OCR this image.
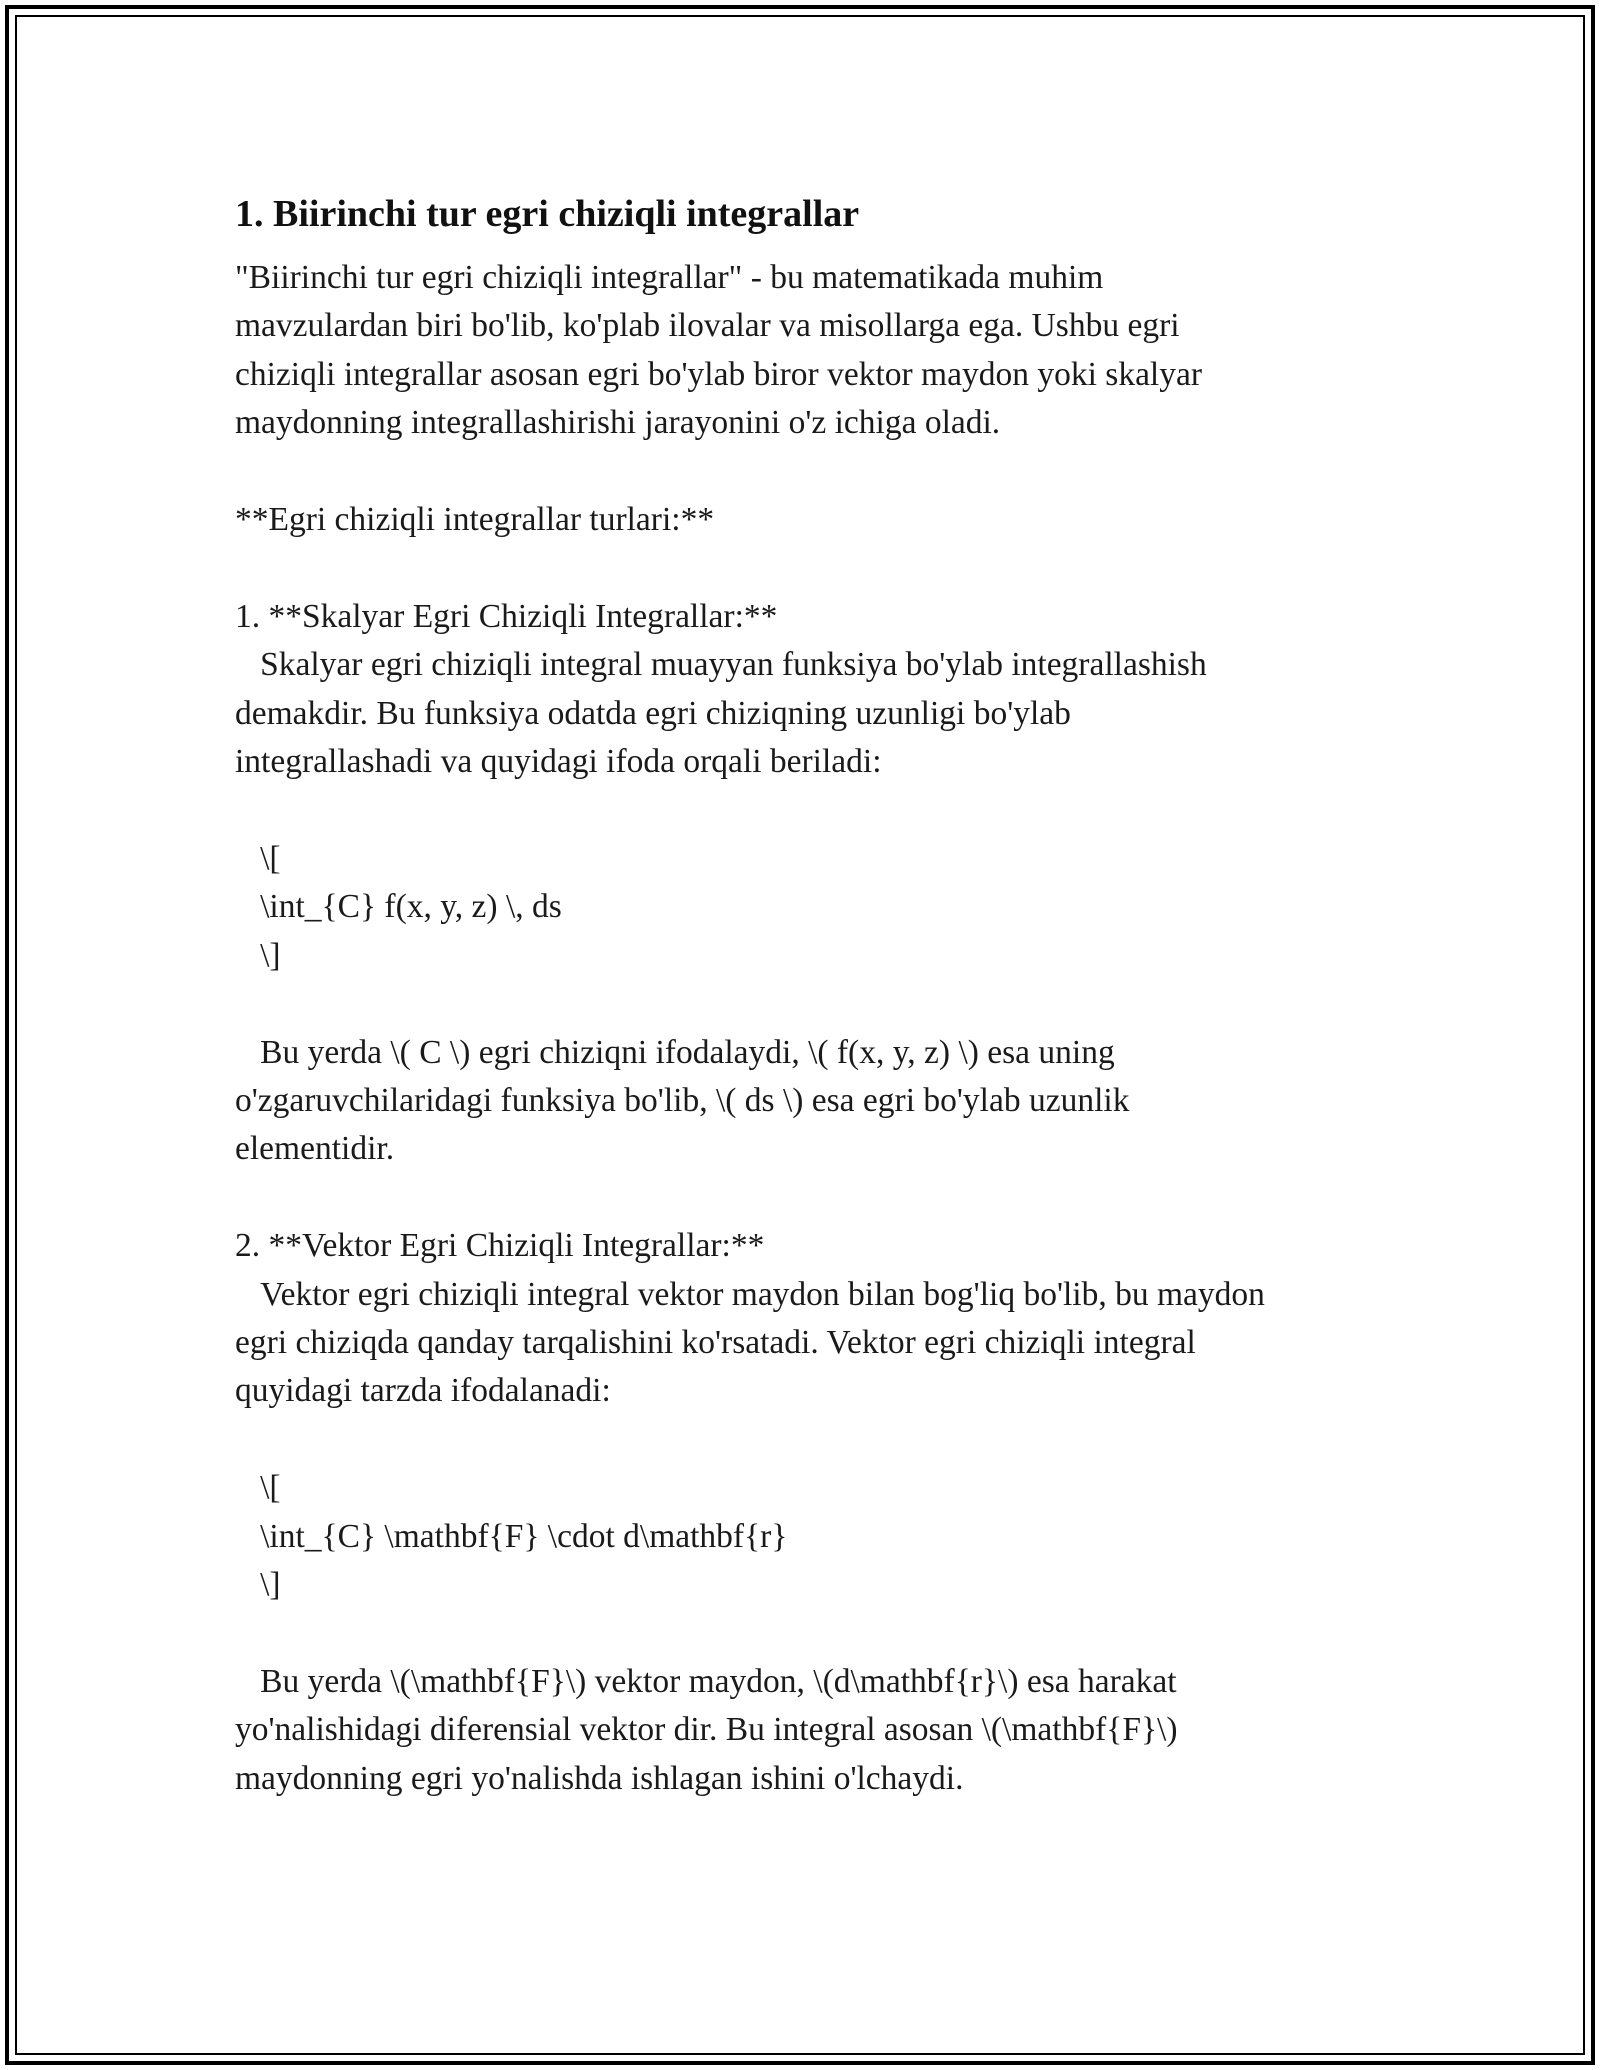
1. Biirinchi tur egri chiziqli integrallar

"Biirinchi tur egri chiziqli integrallar" - bu matematikada muhim
mavzulardan biri bo'lib, ko'plab ilovalar va misollarga ega. Ushbu egri
chiziqli integrallar asosan egri bo'ylab biror vektor maydon yoki skalyar
maydonning integrallashirishi jarayonini o'z ichiga oladi.

**Egri chiziqli integrallar turlari:**

1. **Skalyar Egri Chiziqli Integrallar:**
Skalyar egri chiziqli integral muayyan funksiya bo'ylab integrallashish
demakdir. Bu funksiya odatda egri chiziqning uzunligi bo'ylab
integrallashadi va quyidagi ifoda orqali beriladi:

\[
\int_{C} f(x, y, z) \, ds
\]

Bu yerda \( C \) egri chiziqni ifodalaydi, \( f(x, y, z) \) esa uning
o'zgaruvchilaridagi funksiya bo'lib, \( ds \) esa egri bo'ylab uzunlik
elementidir.

2. **Vektor Egri Chiziqli Integrallar:**
Vektor egri chiziqli integral vektor maydon bilan bog'liq bo'lib, bu maydon
egri chiziqda qanday tarqalishini ko'rsatadi. Vektor egri chiziqli integral
quyidagi tarzda ifodalanadi:

\[
\int_{C} \mathbf{F} \cdot d\mathbf{r}
\]

Bu yerda \(\mathbf{F}\) vektor maydon, \(d\mathbf{r}\) esa harakat
yo'nalishidagi diferensial vektor dir. Bu integral asosan \(\mathbf{F}\)
maydonning egri yo'nalishda ishlagan ishini o'lchaydi.
